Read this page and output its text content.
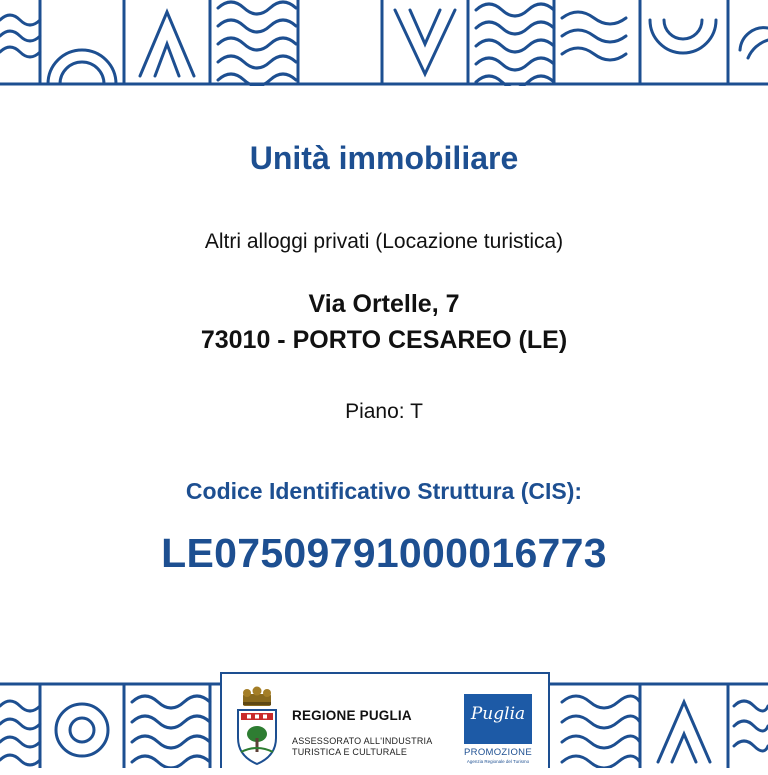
Unità immobiliare
Altri alloggi privati (Locazione turistica)
Via Ortelle, 7
73010 - PORTO CESAREO (LE)
Piano: T
Codice Identificativo Struttura (CIS):
LE07509791000016773
REGIONE PUGLIA
ASSESSORATO ALL'INDUSTRIA
TURISTICA E CULTURALE
Puglia
PROMOZIONE
Agenzia Regionale del Turismo
